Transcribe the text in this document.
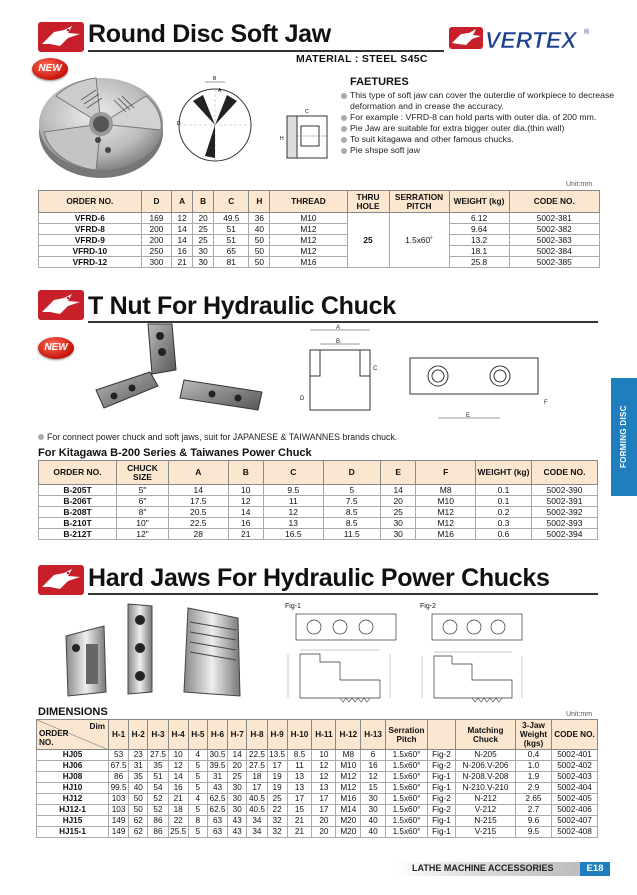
Round Disc Soft Jaw	VERTEX ®
MATERIAL : STEEL S45C
NEW
B
A
D
H
C
FAETURES
This type of soft jaw can cover the outerdie of workpiece to decrease deformation and in crease the accuracy.
For example : VFRD-8 can hold parts with outer dia. of 200 mm.
Pie Jaw are suitable for extra bigger outer dia.(thin wall)
To suit kitagawa and other famous chucks.
Pie shspe soft jaw
Unit:mm
ORDER NO.	D	A	B	C	H	THREAD	THRU HOLE	SERRATION PITCH	WEIGHT (kg)	CODE NO.
VFRD-6	169	12	20	49.5	36	M10	25	1.5x60˚	6.12	5002-381
VFRD-8	200	14	25	51	40	M12			9.64	5002-382
VFRD-9	200	14	25	51	50	M12			13.2	5002-383
VFRD-10	250	16	30	65	50	M12			18.1	5002-384
VFRD-12	300	21	30	81	50	M16			25.8	5002-385
T Nut For Hydraulic Chuck
NEW
A
B
D
C
E
F
For connect power chuck and soft jaws, suit for JAPANESE & TAIWANNES brands chuck.
For Kitagawa B-200 Series & Taiwanes Power Chuck
ORDER NO.	CHUCK SIZE	A	B	C	D	E	F	WEIGHT (kg)	CODE NO.
B-205T	5"	14	10	9.5	5	14	M8	0.1	5002-390
B-206T	6"	17.5	12	11	7.5	20	M10	0.1	5002-391
B-208T	8"	20.5	14	12	8.5	25	M12	0.2	5002-392
B-210T	10"	22.5	16	13	8.5	30	M12	0.3	5002-393
B-212T	12"	28	21	16.5	11.5	30	M16	0.6	5002-394
FORMING DISC
Hard Jaws For Hydraulic Power Chucks
Fig-1	Fig-2
DIMENSIONS	Unit:mm
Dim
ORDER NO.	H-1	H-2	H-3	H-4	H-5	H-6	H-7	H-8	H-9	H-10	H-11	H-12	H-13	Serration Pitch		Matching Chuck	3-Jaw Weight (kgs)	CODE NO.
HJ05	53	23	27.5	10	4	30.5	14	22.5	13.5	8.5	10	M8	6	1.5x60°	Fig-2	N-205	0.4	5002-401
HJ06	67.5	31	35	12	5	39.5	20	27.5	17	11	12	M10	16	1.5x60°	Fig-2	N-206.V-206	1.0	5002-402
HJ08	86	35	51	14	5	31	25	18	19	13	12	M12	12	1.5x60°	Fig-1	N-208.V-208	1.9	5002-403
HJ10	99.5	40	54	16	5	43	30	17	19	13	13	M12	15	1.5x60°	Fig-1	N-210.V-210	2.9	5002-404
HJ12	103	50	52	21	4	62.5	30	40.5	25	17	17	M16	30	1.5x60°	Fig-2	N-212	2.65	5002-405
HJ12-1	103	50	52	18	5	62.5	30	40.5	22	15	17	M14	30	1.5x60°	Fig-2	V-212	2.7	5002-406
HJ15	149	62	86	22	8	63	43	34	32	21	20	M20	40	1.5x60°	Fig-1	N-215	9.6	5002-407
HJ15-1	149	62	86	25.5	5	63	43	34	32	21	20	M20	40	1.5x60°	Fig-1	V-215	9.5	5002-408
LATHE MACHINE ACCESSORIES	E18
